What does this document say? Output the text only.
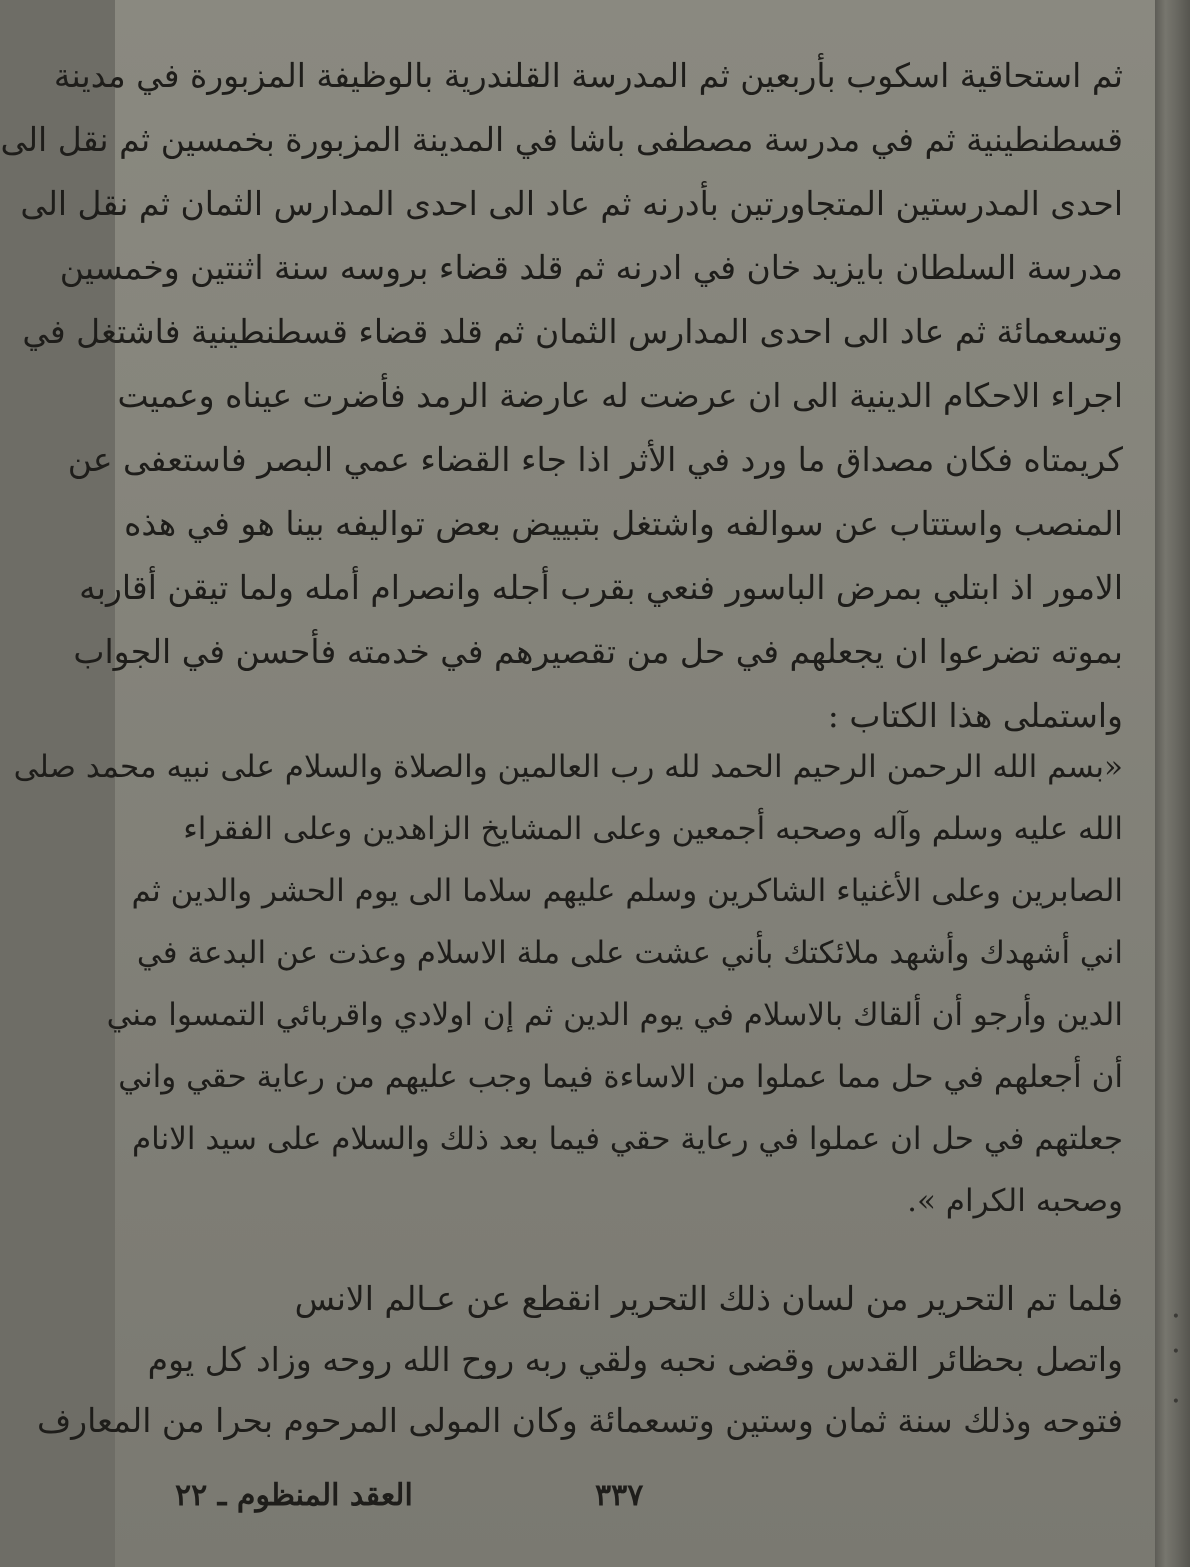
ثم استحاقية اسكوب بأربعين ثم المدرسة القلندرية بالوظيفة المزبورة في مدينة
قسطنطينية ثم في مدرسة مصطفى باشا في المدينة المزبورة بخمسين ثم نقل الى
احدى المدرستين المتجاورتين بأدرنه ثم عاد الى احدى المدارس الثمان ثم نقل الى
مدرسة السلطان بايزيد خان في ادرنه ثم قلد قضاء بروسه سنة اثنتين وخمسين
وتسعمائة ثم عاد الى احدى المدارس الثمان ثم قلد قضاء قسطنطينية فاشتغل في
اجراء الاحكام الدينية الى ان عرضت له عارضة الرمد فأضرت عيناه وعميت
كريمتاه فكان مصداق ما ورد في الأثر اذا جاء القضاء عمي البصر فاستعفى عن
المنصب واستتاب عن سوالفه واشتغل بتبييض بعض تواليفه بينا هو في هذه
الامور اذ ابتلي بمرض الباسور فنعي بقرب أجله وانصرام أمله ولما تيقن أقاربه
بموته تضرعوا ان يجعلهم في حل من تقصيرهم في خدمته فأحسن في الجواب
واستملى هذا الكتاب :
«بسم الله الرحمن الرحيم الحمد لله رب العالمين والصلاة والسلام على نبيه محمد صلى
الله عليه وسلم وآله وصحبه أجمعين وعلى المشايخ الزاهدين وعلى الفقراء
الصابرين وعلى الأغنياء الشاكرين وسلم عليهم سلاما الى يوم الحشر والدين ثم
اني أشهدك وأشهد ملائكتك بأني عشت على ملة الاسلام وعذت عن البدعة في
الدين وأرجو أن ألقاك بالاسلام في يوم الدين ثم إن اولادي واقربائي التمسوا مني
أن أجعلهم في حل مما عملوا من الاساءة فيما وجب عليهم من رعاية حقي واني
جعلتهم في حل ان عملوا في رعاية حقي فيما بعد ذلك والسلام على سيد الانام
وصحبه الكرام ».
فلما تم التحرير من لسان ذلك التحرير انقطع عن عـالم الانس
واتصل بحظائر القدس وقضى نحبه ولقي ربه روح الله روحه وزاد كل يوم
فتوحه وذلك سنة ثمان وستين وتسعمائة وكان المولى المرحوم بحرا من المعارف
العقد المنظوم ـ ٢٢	٣٣٧
•
•
•
